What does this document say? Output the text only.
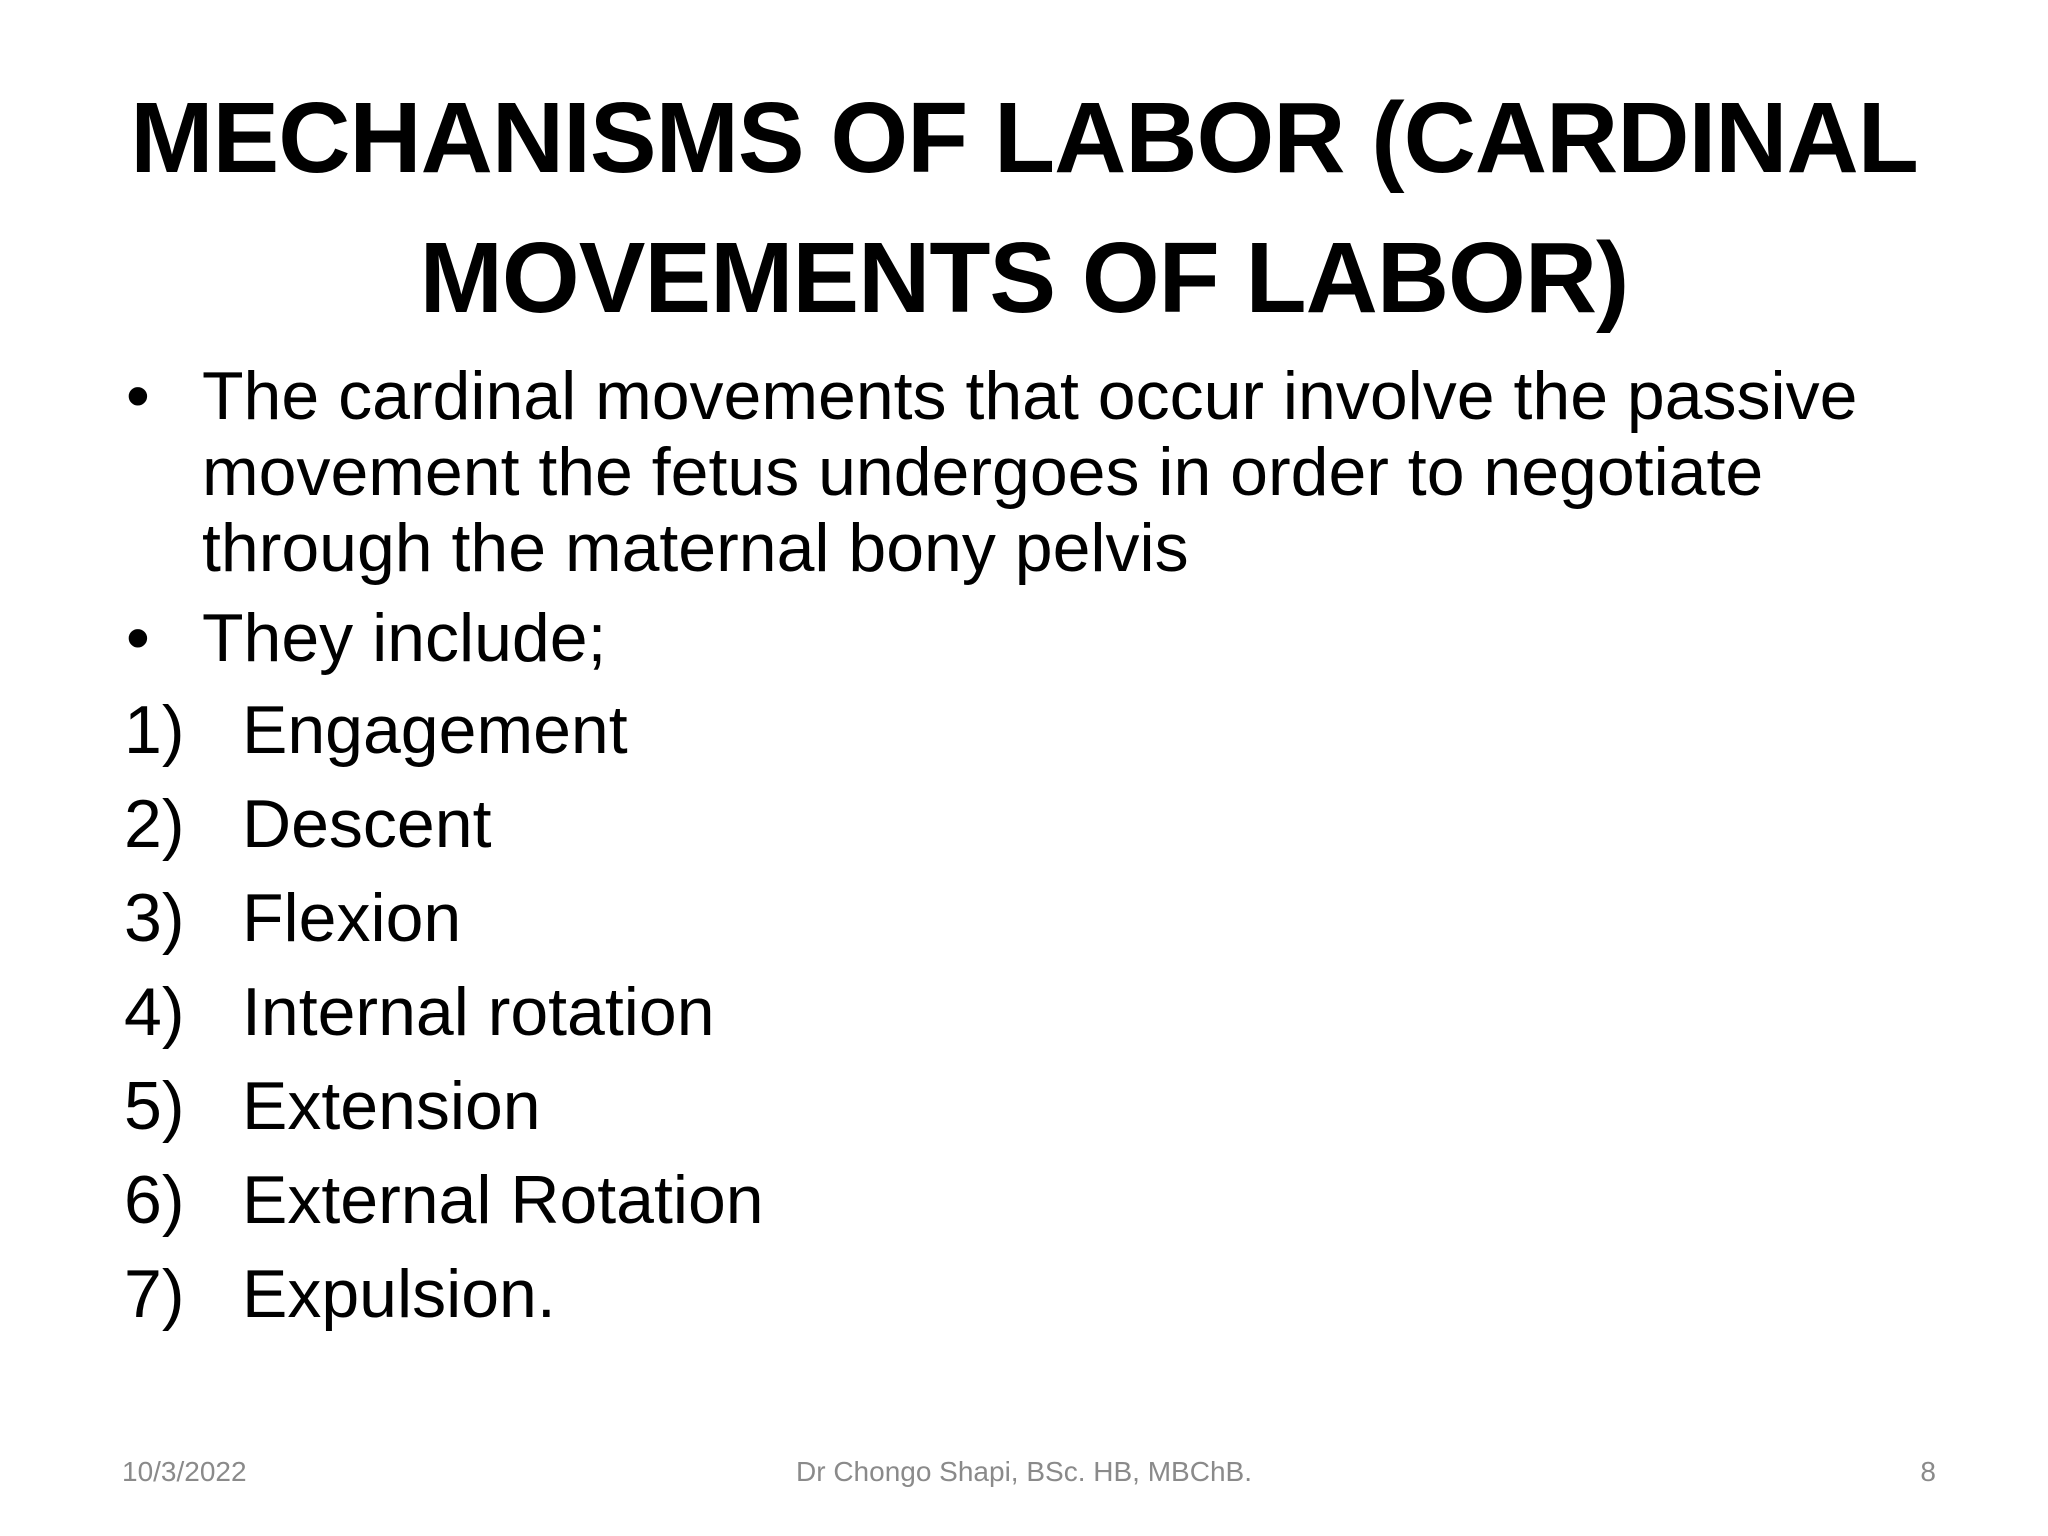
MECHANISMS OF LABOR (CARDINAL MOVEMENTS OF LABOR)
• The cardinal movements that occur involve the passive movement the fetus undergoes in order to negotiate through the maternal bony pelvis
• They include;
1) Engagement
2) Descent
3) Flexion
4) Internal rotation
5) Extension
6) External Rotation
7) Expulsion.
10/3/2022	Dr Chongo Shapi, BSc. HB, MBChB.	8
